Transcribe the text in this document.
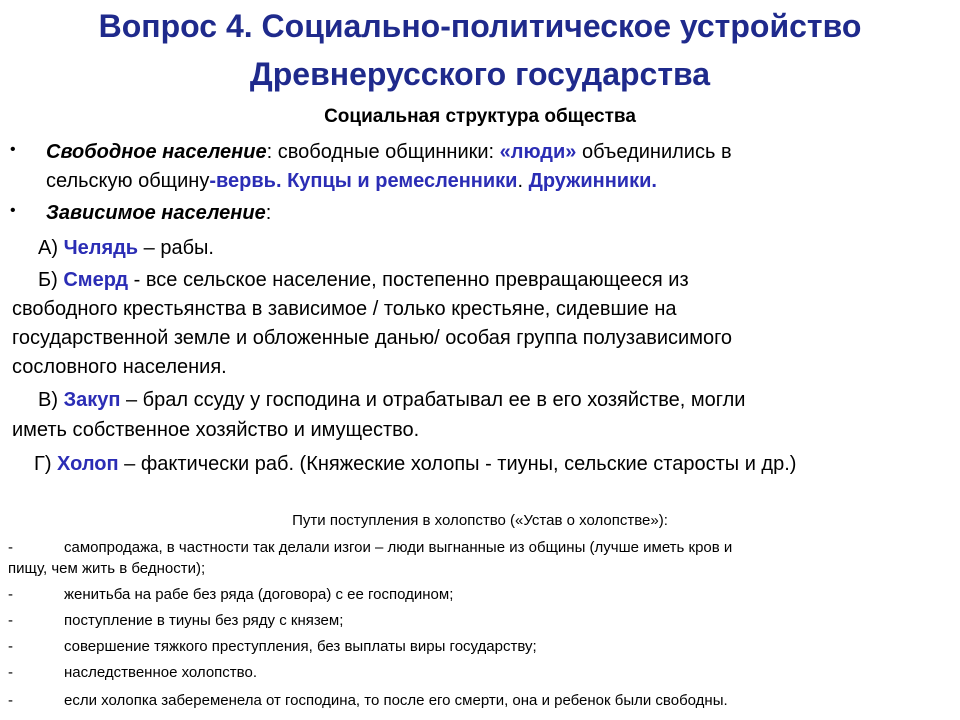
Вопрос 4. Социально-политическое устройство
Древнерусского государства
Социальная структура общества
• Свободное население: свободные общинники: «люди» объединились в
сельскую общину-вервь. Купцы и ремесленники. Дружинники.
• Зависимое население:
А) Челядь – рабы.
Б) Смерд - все сельское население, постепенно превращающееся из
свободного крестьянства в зависимое / только крестьяне, сидевшие на
государственной земле и обложенные данью/ особая группа полузависимого
сословного населения.
В) Закуп – брал ссуду у господина и отрабатывал ее в его хозяйстве, могли
иметь собственное хозяйство и имущество.
Г) Холоп – фактически раб. (Княжеские холопы - тиуны, сельские старосты и др.)
Пути поступления в холопство («Устав о холопстве»):
-	самопродажа, в частности так делали изгои – люди выгнанные из общины (лучше иметь кров и
пищу, чем жить в бедности);
-	женитьба на рабе без ряда (договора) с ее господином;
-	поступление в тиуны без ряду с князем;
-	совершение тяжкого преступления, без выплаты виры государству;
-	наследственное холопство.
-	если холопка забеременела от господина, то после его смерти, она и ребенок были свободны.
